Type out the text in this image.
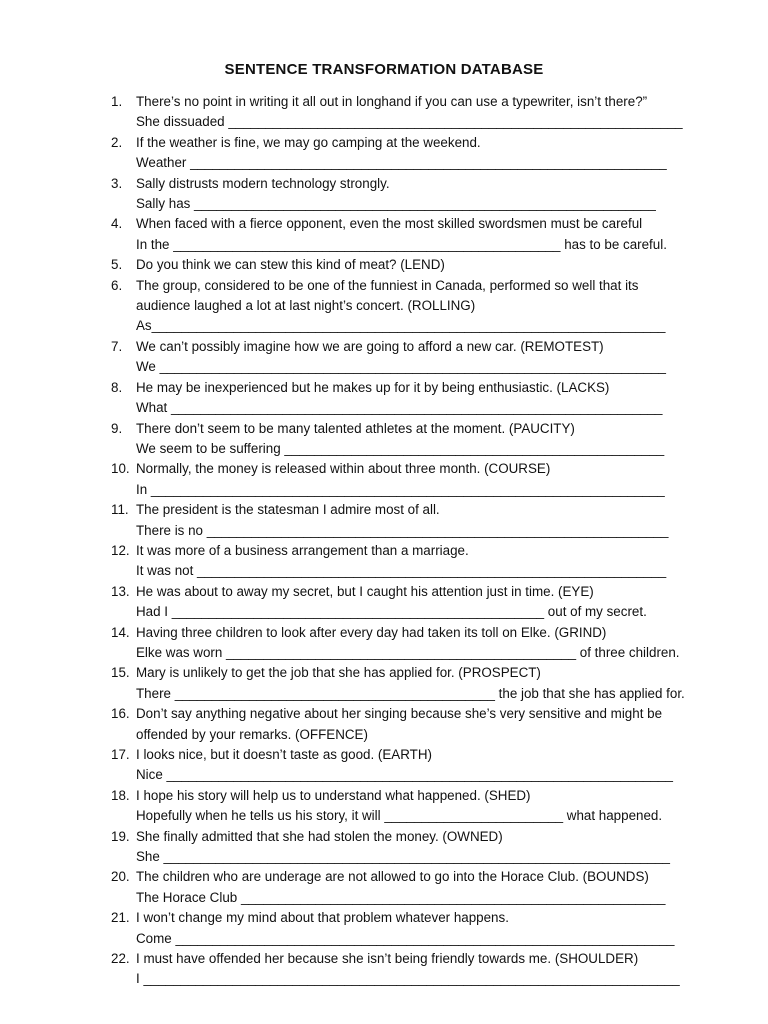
SENTENCE TRANSFORMATION DATABASE
1.	There’s no point in writing it all out in longhand if you can use a typewriter, isn’t there?”
She dissuaded _____________________________________________________________
2.	If the weather is fine, we may go camping at the weekend.
Weather ________________________________________________________________
3.	Sally distrusts modern technology strongly.
Sally has ______________________________________________________________
4.	When faced with a fierce opponent, even the most skilled swordsmen must be careful
In the ____________________________________________________ has to be careful.
5.	Do you think we can stew this kind of meat? (LEND)
6.	The group, considered to be one of the funniest in Canada, performed so well that its
audience laughed a lot at last night’s concert. (ROLLING)
As_____________________________________________________________________
7.	We can’t possibly imagine how we are going to afford a new car. (REMOTEST)
We ____________________________________________________________________
8.	He may be inexperienced but he makes up for it by being enthusiastic. (LACKS)
What __________________________________________________________________
9.	There don’t seem to be many talented athletes at the moment. (PAUCITY)
We seem to be suffering ___________________________________________________
10. Normally, the money is released within about three month. (COURSE)
In _____________________________________________________________________
11. The president is the statesman I admire most of all.
There is no ______________________________________________________________
12. It was more of a business arrangement than a marriage.
It was not _______________________________________________________________
13. He was about to away my secret, but I caught his attention just in time. (EYE)
Had I __________________________________________________ out of my secret.
14. Having three children to look after every day had taken its toll on Elke. (GRIND)
Elke was worn _______________________________________________ of three children.
15. Mary is unlikely to get the job that she has applied for. (PROSPECT)
There ___________________________________________ the job that she has applied for.
16. Don’t say anything negative about her singing because she’s very sensitive and might be
offended by your remarks. (OFFENCE)
17. I looks nice, but it doesn’t taste as good. (EARTH)
Nice ____________________________________________________________________
18. I hope his story will help us to understand what happened. (SHED)
Hopefully when he tells us his story, it will ________________________ what happened.
19. She finally admitted that she had stolen the money. (OWNED)
She ____________________________________________________________________
20. The children who are underage are not allowed to go into the Horace Club. (BOUNDS)
The Horace Club _________________________________________________________
21. I won’t change my mind about that problem whatever happens.
Come ___________________________________________________________________
22. I must have offended her because she isn’t being friendly towards me. (SHOULDER)
I ________________________________________________________________________
